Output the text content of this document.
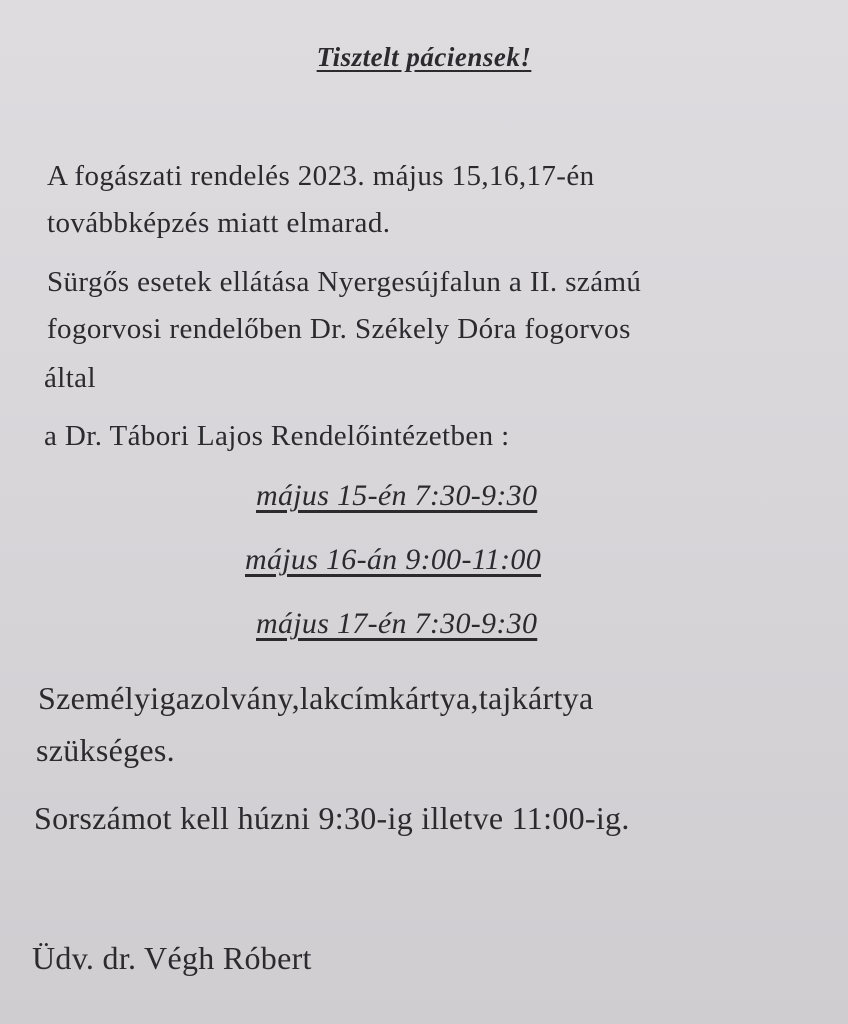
Tisztelt páciensek!
A fogászati rendelés 2023. május 15,16,17-én
továbbképzés miatt elmarad.
Sürgős esetek ellátása Nyergesújfalun a II. számú
fogorvosi rendelőben Dr. Székely Dóra fogorvos
által
a Dr. Tábori Lajos Rendelőintézetben :
május 15-én 7:30-9:30
május 16-án 9:00-11:00
május 17-én 7:30-9:30
Személyigazolvány,lakcímkártya,tajkártya
szükséges.
Sorszámot kell húzni 9:30-ig illetve 11:00-ig.
Üdv. dr. Végh Róbert
